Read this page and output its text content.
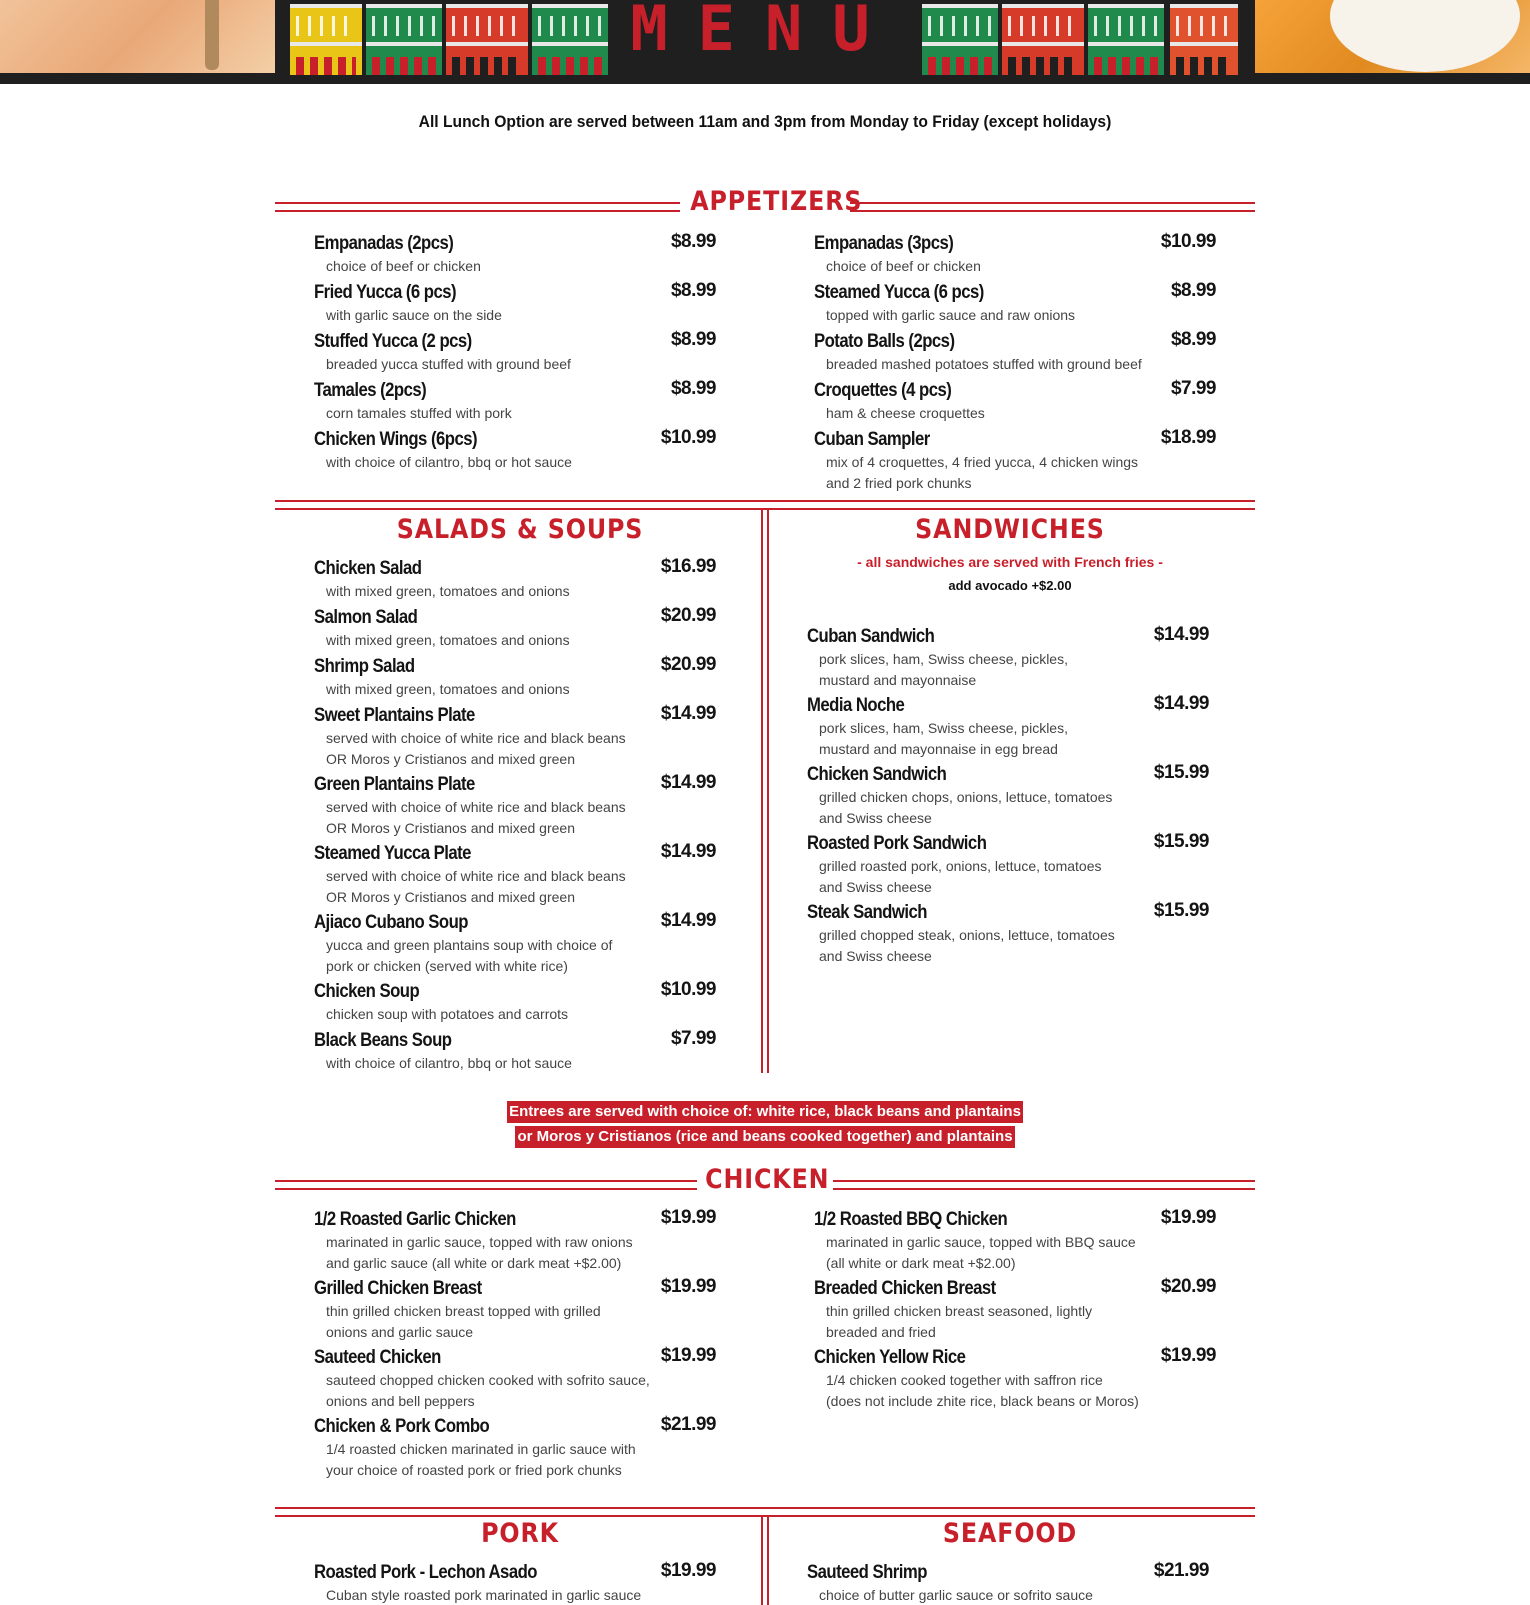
MENU
All Lunch Option are served between 11am and 3pm from Monday to Friday (except holidays)
APPETIZERS
Empanadas (2pcs)
choice of beef or chicken
$8.99
Fried Yucca (6 pcs)
with garlic sauce on the side
$8.99
Stuffed Yucca (2 pcs)
breaded yucca stuffed with ground beef
$8.99
Tamales (2pcs)
corn tamales stuffed with pork
$8.99
Chicken Wings (6pcs)
with choice of cilantro, bbq or hot sauce
$10.99
Empanadas (3pcs)
choice of beef or chicken
$10.99
Steamed Yucca (6 pcs)
topped with garlic sauce and raw onions
$8.99
Potato Balls (2pcs)
breaded mashed potatoes stuffed with ground beef
$8.99
Croquettes (4 pcs)
ham & cheese croquettes
$7.99
Cuban Sampler
mix of 4 croquettes, 4 fried yucca, 4 chicken wings
and 2 fried pork chunks
$18.99
SALADS & SOUPS	SANDWICHES
- all sandwiches are served with French fries -
add avocado +$2.00
Chicken Salad
with mixed green, tomatoes and onions
$16.99
Salmon Salad
with mixed green, tomatoes and onions
$20.99
Shrimp Salad
with mixed green, tomatoes and onions
$20.99
Sweet Plantains Plate
served with choice of white rice and black beans
OR Moros y Cristianos and mixed green
$14.99
Green Plantains Plate
served with choice of white rice and black beans
OR Moros y Cristianos and mixed green
$14.99
Steamed Yucca Plate
served with choice of white rice and black beans
OR Moros y Cristianos and mixed green
$14.99
Ajiaco Cubano Soup
yucca and green plantains soup with choice of
pork or chicken (served with white rice)
$14.99
Chicken Soup
chicken soup with potatoes and carrots
$10.99
Black Beans Soup
with choice of cilantro, bbq or hot sauce
$7.99
Cuban Sandwich
pork slices, ham, Swiss cheese, pickles,
mustard and mayonnaise
$14.99
Media Noche
pork slices, ham, Swiss cheese, pickles,
mustard and mayonnaise in egg bread
$14.99
Chicken Sandwich
grilled chicken chops, onions, lettuce, tomatoes
and Swiss cheese
$15.99
Roasted Pork Sandwich
grilled roasted pork, onions, lettuce, tomatoes
and Swiss cheese
$15.99
Steak Sandwich
grilled chopped steak, onions, lettuce, tomatoes
and Swiss cheese
$15.99
Entrees are served with choice of: white rice, black beans and plantains
or Moros y Cristianos (rice and beans cooked together) and plantains
CHICKEN
1/2 Roasted Garlic Chicken
marinated in garlic sauce, topped with raw onions
and garlic sauce (all white or dark meat +$2.00)
$19.99
Grilled Chicken Breast
thin grilled chicken breast topped with grilled
onions and garlic sauce
$19.99
Sauteed Chicken
sauteed chopped chicken cooked with sofrito sauce,
onions and bell peppers
$19.99
Chicken & Pork Combo
1/4 roasted chicken marinated in garlic sauce with
your choice of roasted pork or fried pork chunks
$21.99
1/2 Roasted BBQ Chicken
marinated in garlic sauce, topped with BBQ sauce
(all white or dark meat +$2.00)
$19.99
Breaded Chicken Breast
thin grilled chicken breast seasoned, lightly
breaded and fried
$20.99
Chicken Yellow Rice
1/4 chicken cooked together with saffron rice
(does not include zhite rice, black beans or Moros)
$19.99
PORK	SEAFOOD
Roasted Pork - Lechon Asado
Cuban style roasted pork marinated in garlic sauce
$19.99	Sauteed Shrimp
choice of butter garlic sauce or sofrito sauce
$21.99
